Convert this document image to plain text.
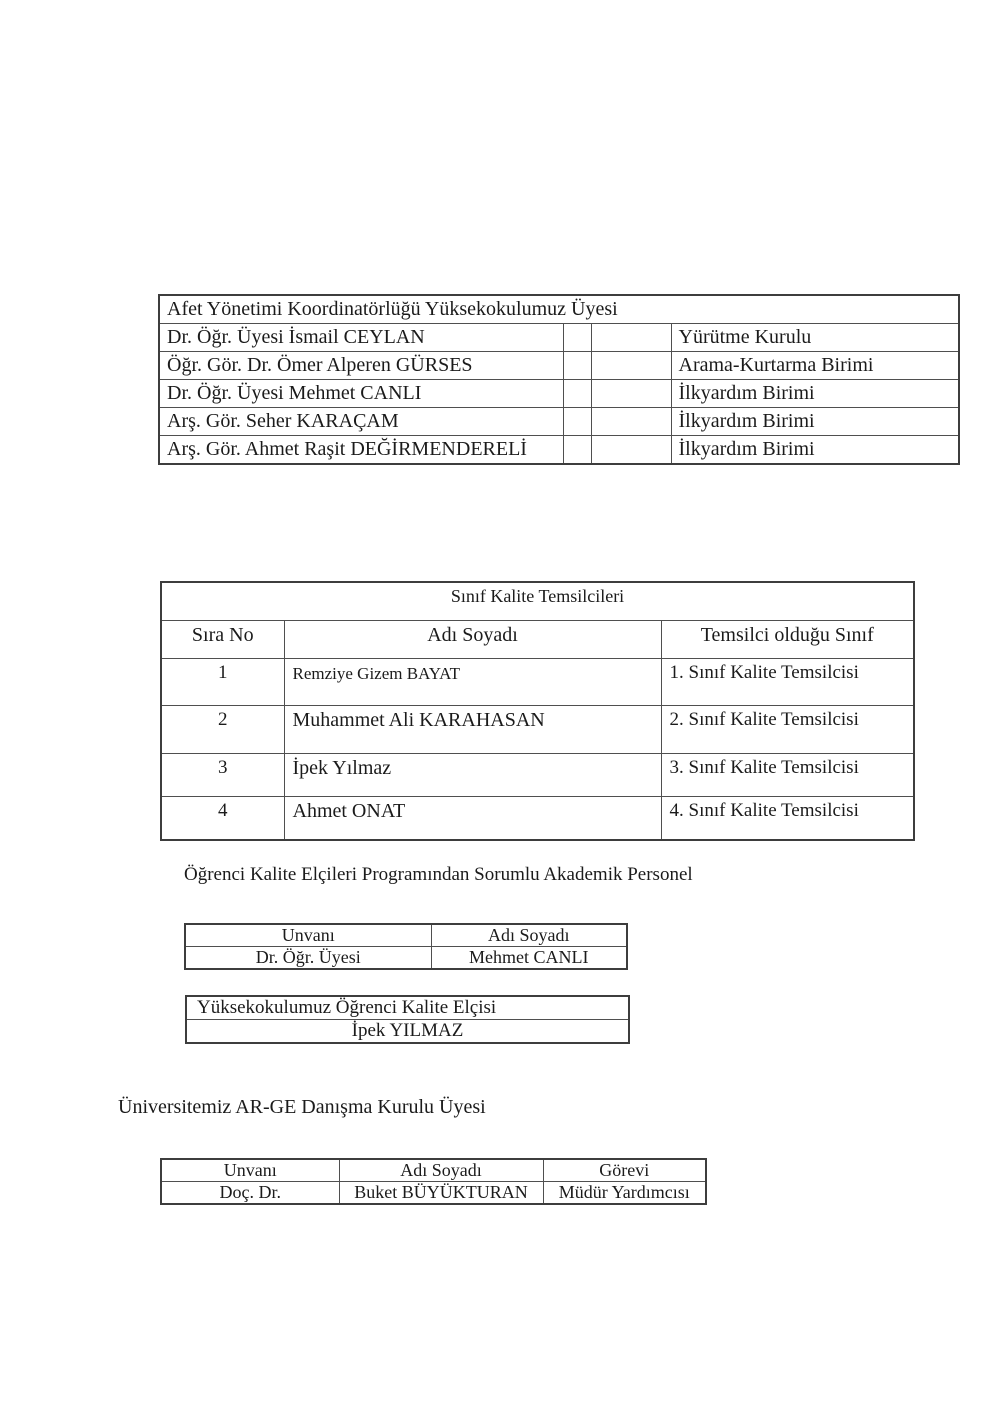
Afet Yönetimi Koordinatörlüğü Yüksekokulumuz Üyesi			
Dr. Öğr. Üyesi İsmail CEYLAN			Yürütme Kurulu
Öğr. Gör. Dr. Ömer Alperen GÜRSES			Arama-Kurtarma Birimi
Dr. Öğr. Üyesi Mehmet CANLI			İlkyardım Birimi
Arş. Gör. Seher KARAÇAM			İlkyardım Birimi
Arş. Gör. Ahmet Raşit DEĞİRMENDERELİ			İlkyardım Birimi
Sınıf Kalite Temsilcileri		
Sıra No	Adı Soyadı	Temsilci olduğu Sınıf
1	Remziye Gizem BAYAT	1. Sınıf Kalite Temsilcisi
2	Muhammet Ali KARAHASAN	2. Sınıf Kalite Temsilcisi
3	İpek Yılmaz	3. Sınıf Kalite Temsilcisi
4	Ahmet ONAT	4. Sınıf Kalite Temsilcisi
Öğrenci Kalite Elçileri Programından Sorumlu Akademik Personel
Unvanı	Adı Soyadı
Dr. Öğr. Üyesi	Mehmet CANLI
Yüksekokulumuz Öğrenci Kalite Elçisi
İpek YILMAZ
Üniversitemiz AR-GE Danışma Kurulu Üyesi
Unvanı	Adı Soyadı	Görevi
Doç. Dr.	Buket BÜYÜKTURAN	Müdür Yardımcısı
